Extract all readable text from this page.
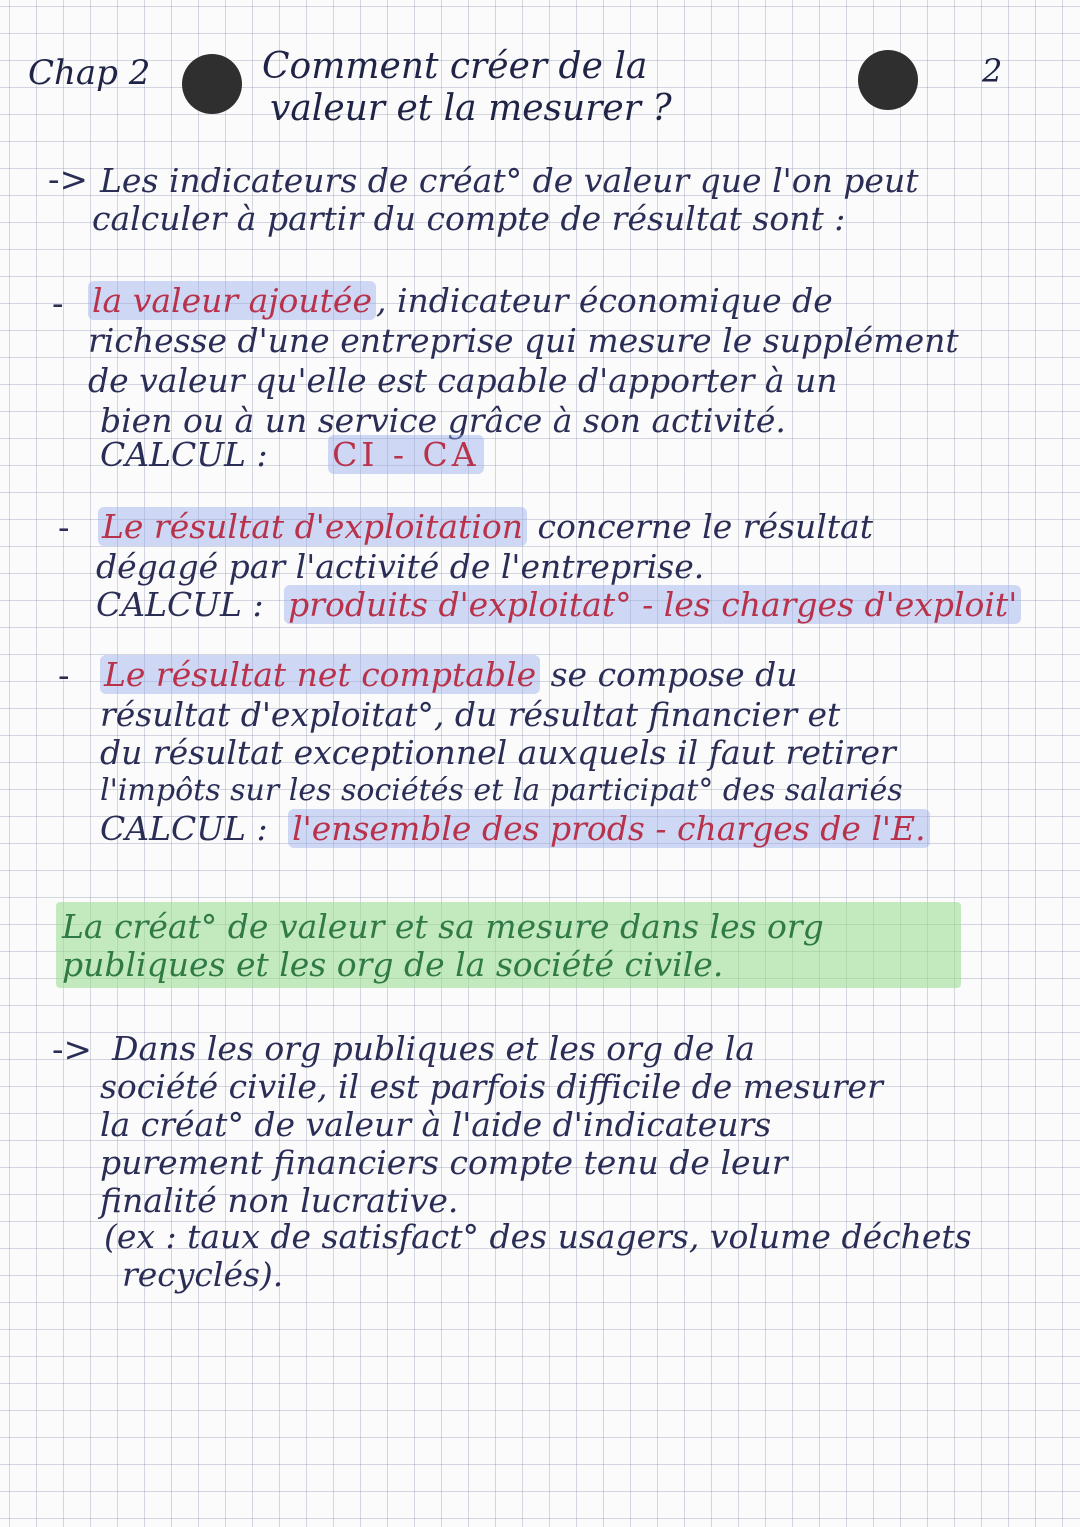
Chap 2	Comment créer de la
valeur et la mesurer ?
2
-> Les indicateurs de créat° de valeur que l'on peut
calculer à partir du compte de résultat sont :
- la valeur ajoutée , indicateur économique de
richesse d'une entreprise qui mesure le supplément
de valeur qu'elle est capable d'apporter à un
bien ou à un service grâce à son activité.
CALCUL : CI - CA
- Le résultat d'exploitation concerne le résultat
dégagé par l'activité de l'entreprise.
CALCUL : produits d'exploitat° - les charges d'exploit'
- Le résultat net comptable se compose du
résultat d'exploitat°, du résultat financier et
du résultat exceptionnel auxquels il faut retirer
l'impôts sur les sociétés et la participat° des salariés
CALCUL : l'ensemble des prods - charges de l'E.
La créat° de valeur et sa mesure dans les org
publiques et les org de la société civile.
-> Dans les org publiques et les org de la
société civile, il est parfois difficile de mesurer
la créat° de valeur à l'aide d'indicateurs
purement financiers compte tenu de leur
finalité non lucrative.
(ex : taux de satisfact° des usagers, volume déchets
recyclés).
